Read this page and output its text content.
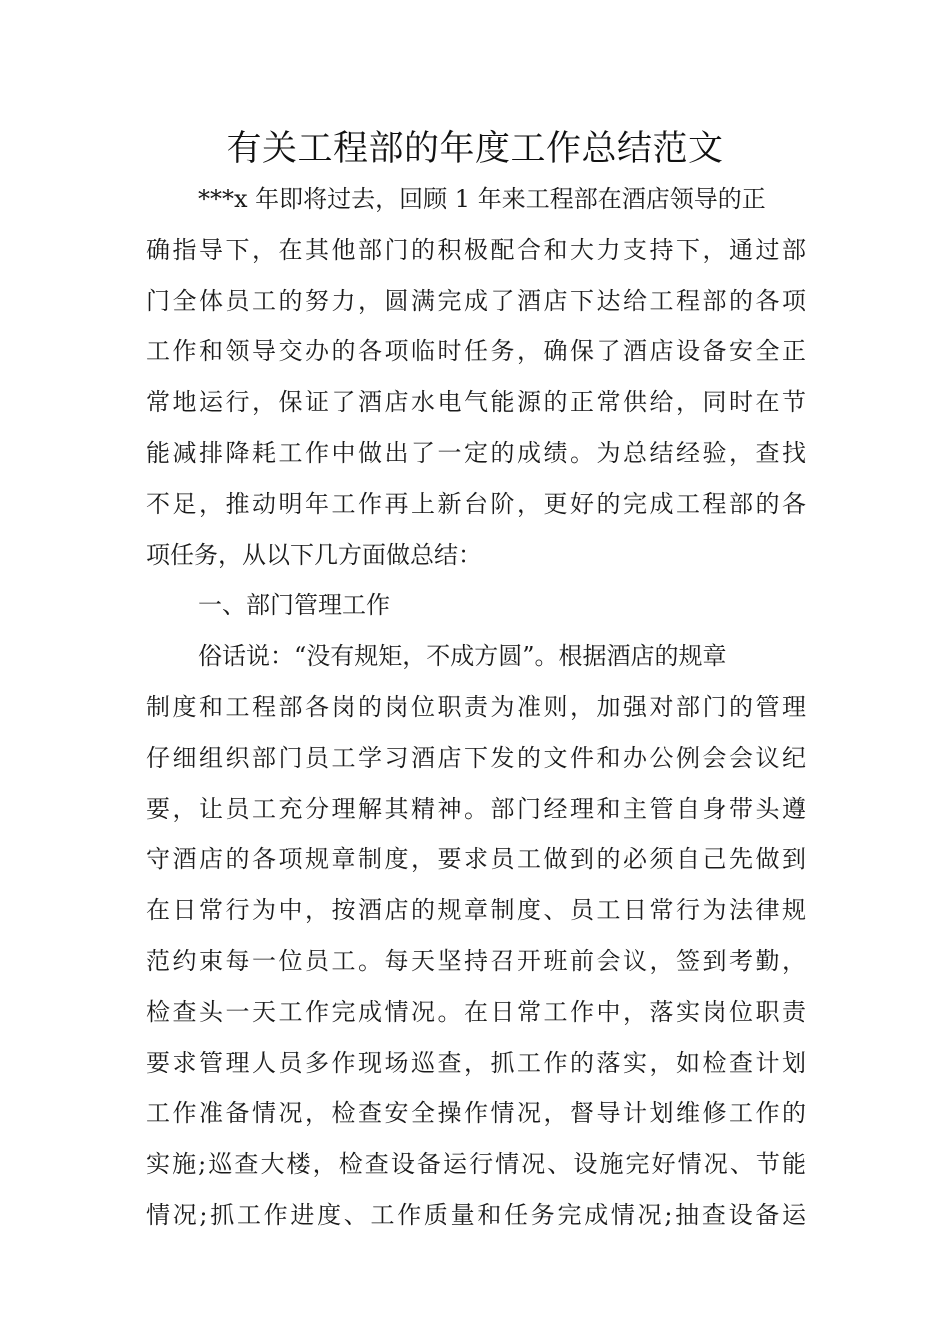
有关工程部的年度工作总结范文
***x 年即将过去，回顾 1 年来工程部在酒店领导的正
确指导下，在其他部门的积极配合和大力支持下，通过部
门全体员工的努力，圆满完成了酒店下达给工程部的各项
工作和领导交办的各项临时任务，确保了酒店设备安全正
常地运行，保证了酒店水电气能源的正常供给，同时在节
能减排降耗工作中做出了一定的成绩。为总结经验，查找
不足，推动明年工作再上新台阶，更好的完成工程部的各
项任务，从以下几方面做总结：
一、部门管理工作
俗话说：“没有规矩，不成方圆”。根据酒店的规章
制度和工程部各岗的岗位职责为准则，加强对部门的管理
仔细组织部门员工学习酒店下发的文件和办公例会会议纪
要，让员工充分理解其精神。部门经理和主管自身带头遵
守酒店的各项规章制度，要求员工做到的必须自己先做到
在日常行为中，按酒店的规章制度、员工日常行为法律规
范约束每一位员工。每天坚持召开班前会议，签到考勤，
检查头一天工作完成情况。在日常工作中，落实岗位职责
要求管理人员多作现场巡查，抓工作的落实，如检查计划
工作准备情况，检查安全操作情况，督导计划维修工作的
实施;巡查大楼，检查设备运行情况、设施完好情况、节能
情况;抓工作进度、工作质量和任务完成情况;抽查设备运
